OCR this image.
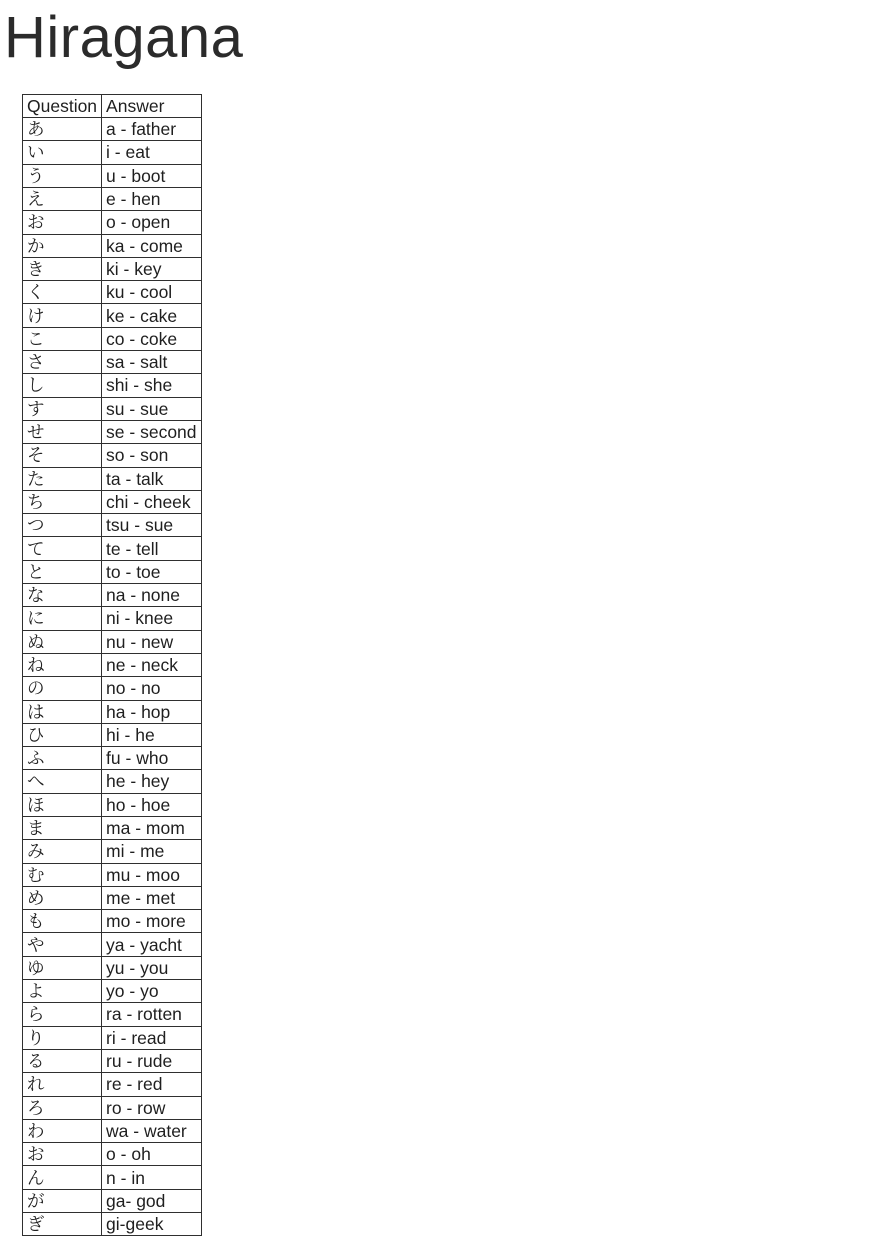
Hiragana
Question	Answer
あ	a - father
い	i - eat
う	u - boot
え	e - hen
お	o - open
か	ka - come
き	ki - key
く	ku - cool
け	ke - cake
こ	co - coke
さ	sa - salt
し	shi - she
す	su - sue
せ	se - second
そ	so - son
た	ta - talk
ち	chi - cheek
つ	tsu - sue
て	te - tell
と	to - toe
な	na - none
に	ni - knee
ぬ	nu - new
ね	ne - neck
の	no - no
は	ha - hop
ひ	hi - he
ふ	fu - who
へ	he - hey
ほ	ho - hoe
ま	ma - mom
み	mi - me
む	mu - moo
め	me - met
も	mo - more
や	ya - yacht
ゆ	yu - you
よ	yo - yo
ら	ra - rotten
り	ri - read
る	ru - rude
れ	re - red
ろ	ro - row
わ	wa - water
お	o - oh
ん	n - in
が	ga- god
ぎ	gi-geek
